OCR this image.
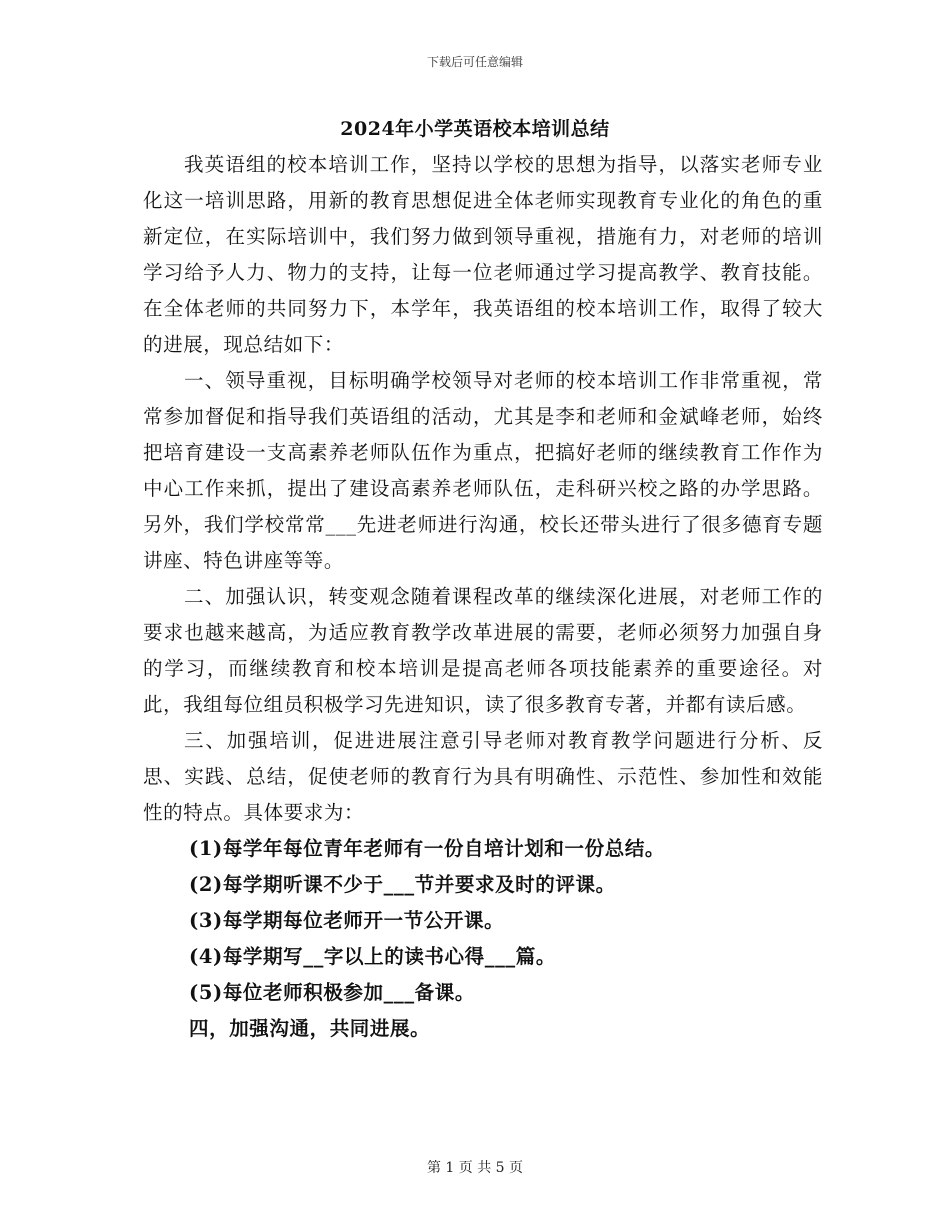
下载后可任意编辑
2024年小学英语校本培训总结

我英语组的校本培训工作，坚持以学校的思想为指导，以落实老师专业化这一培训思路，用新的教育思想促进全体老师实现教育专业化的角色的重新定位，在实际培训中，我们努力做到领导重视，措施有力，对老师的培训学习给予人力、物力的支持，让每一位老师通过学习提高教学、教育技能。在全体老师的共同努力下，本学年，我英语组的校本培训工作，取得了较大的进展，现总结如下：

一、领导重视，目标明确学校领导对老师的校本培训工作非常重视，常常参加督促和指导我们英语组的活动，尤其是李和老师和金斌峰老师，始终把培育建设一支高素养老师队伍作为重点，把搞好老师的继续教育工作作为中心工作来抓，提出了建设高素养老师队伍，走科研兴校之路的办学思路。另外，我们学校常常___先进老师进行沟通，校长还带头进行了很多德育专题讲座、特色讲座等等。

二、加强认识，转变观念随着课程改革的继续深化进展，对老师工作的要求也越来越高，为适应教育教学改革进展的需要，老师必须努力加强自身的学习，而继续教育和校本培训是提高老师各项技能素养的重要途径。对此，我组每位组员积极学习先进知识，读了很多教育专著，并都有读后感。

三、加强培训，促进进展注意引导老师对教育教学问题进行分析、反思、实践、总结，促使老师的教育行为具有明确性、示范性、参加性和效能性的特点。具体要求为：

(1)每学年每位青年老师有一份自培计划和一份总结。

(2)每学期听课不少于___节并要求及时的评课。

(3)每学期每位老师开一节公开课。

(4)每学期写__字以上的读书心得___篇。

(5)每位老师积极参加___备课。

四，加强沟通，共同进展。

第 1 页 共 5 页
